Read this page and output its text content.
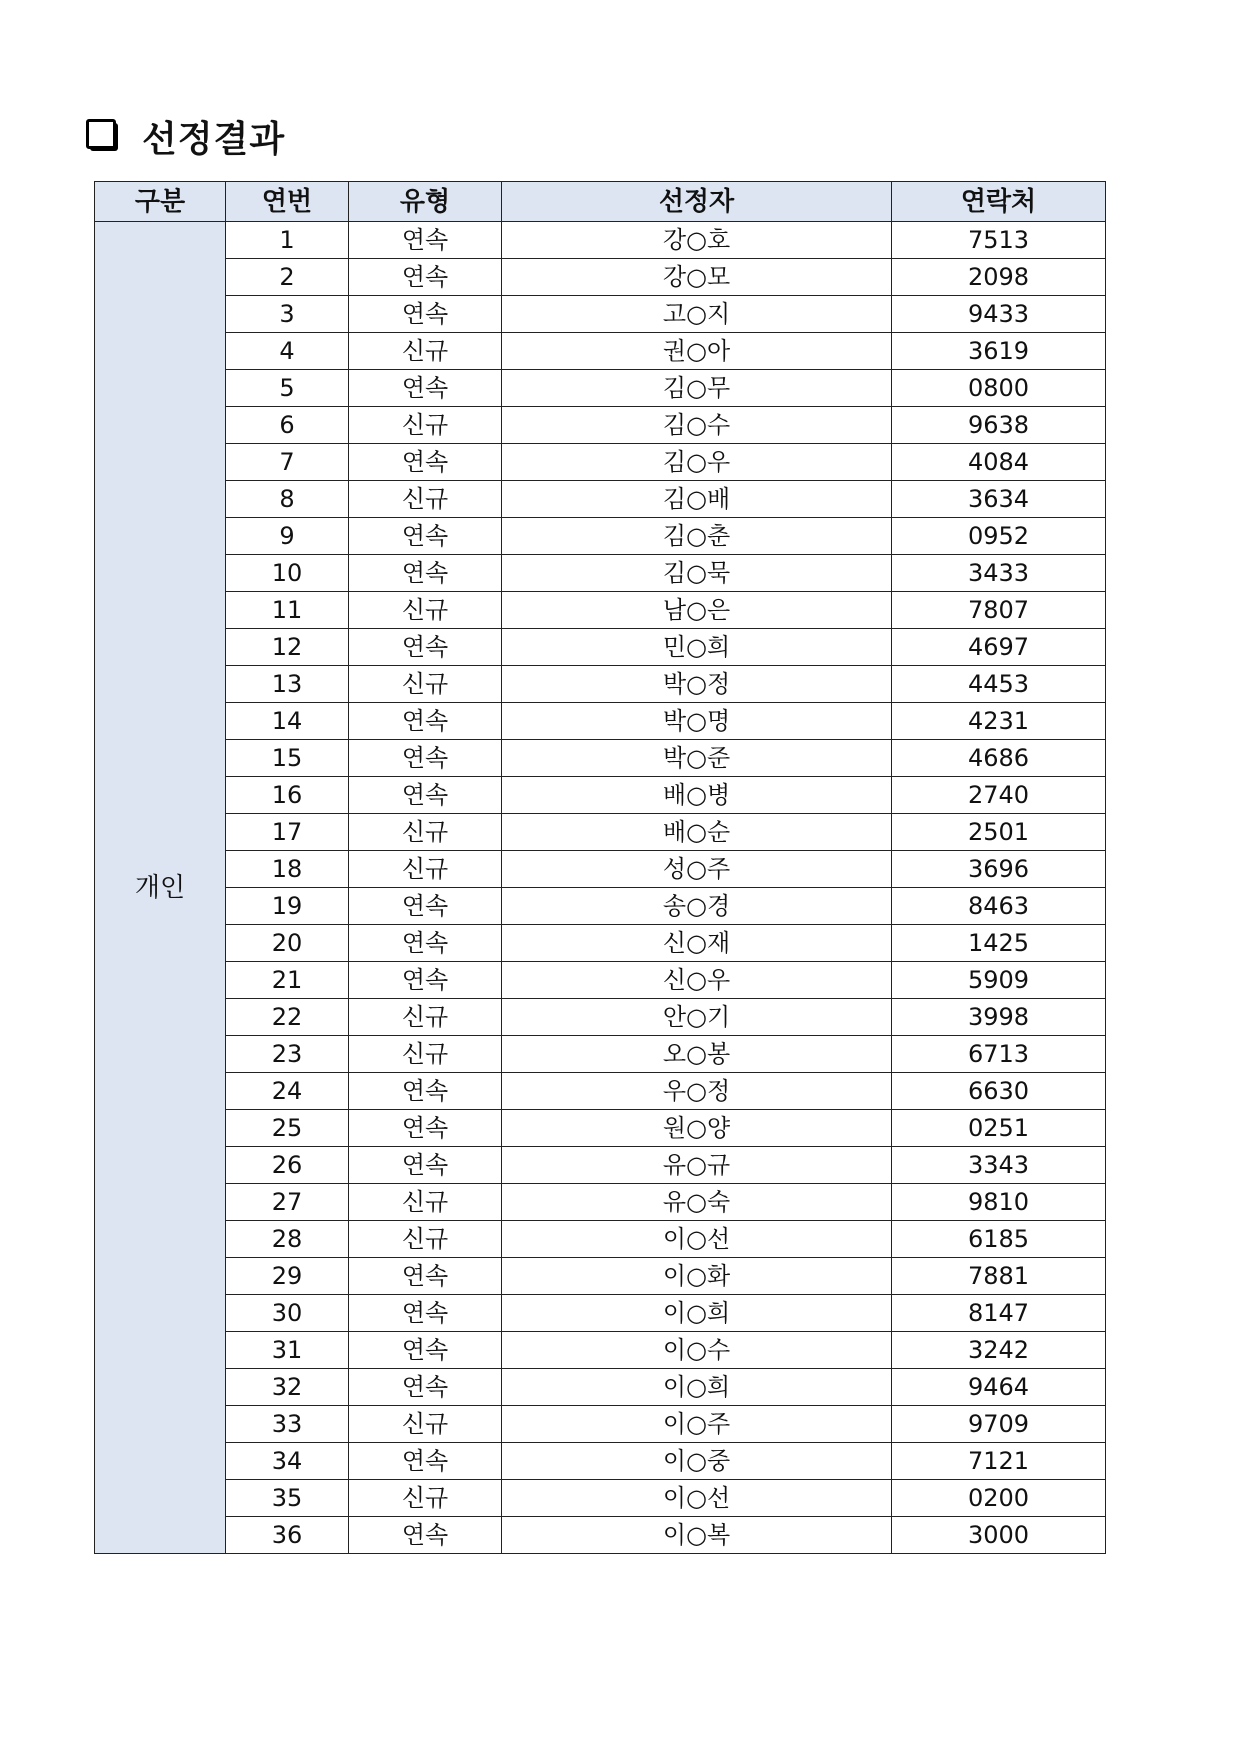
선정결과
구분	연번	유형	선정자	연락처
개인	1	연속	강○호	7513
	2	연속	강○모	2098
	3	연속	고○지	9433
	4	신규	권○아	3619
	5	연속	김○무	0800
	6	신규	김○수	9638
	7	연속	김○우	4084
	8	신규	김○배	3634
	9	연속	김○춘	0952
	10	연속	김○묵	3433
	11	신규	남○은	7807
	12	연속	민○희	4697
	13	신규	박○정	4453
	14	연속	박○명	4231
	15	연속	박○준	4686
	16	연속	배○병	2740
	17	신규	배○순	2501
	18	신규	성○주	3696
	19	연속	송○경	8463
	20	연속	신○재	1425
	21	연속	신○우	5909
	22	신규	안○기	3998
	23	신규	오○봉	6713
	24	연속	우○정	6630
	25	연속	원○양	0251
	26	연속	유○규	3343
	27	신규	유○숙	9810
	28	신규	이○선	6185
	29	연속	이○화	7881
	30	연속	이○희	8147
	31	연속	이○수	3242
	32	연속	이○희	9464
	33	신규	이○주	9709
	34	연속	이○중	7121
	35	신규	이○선	0200
	36	연속	이○복	3000
